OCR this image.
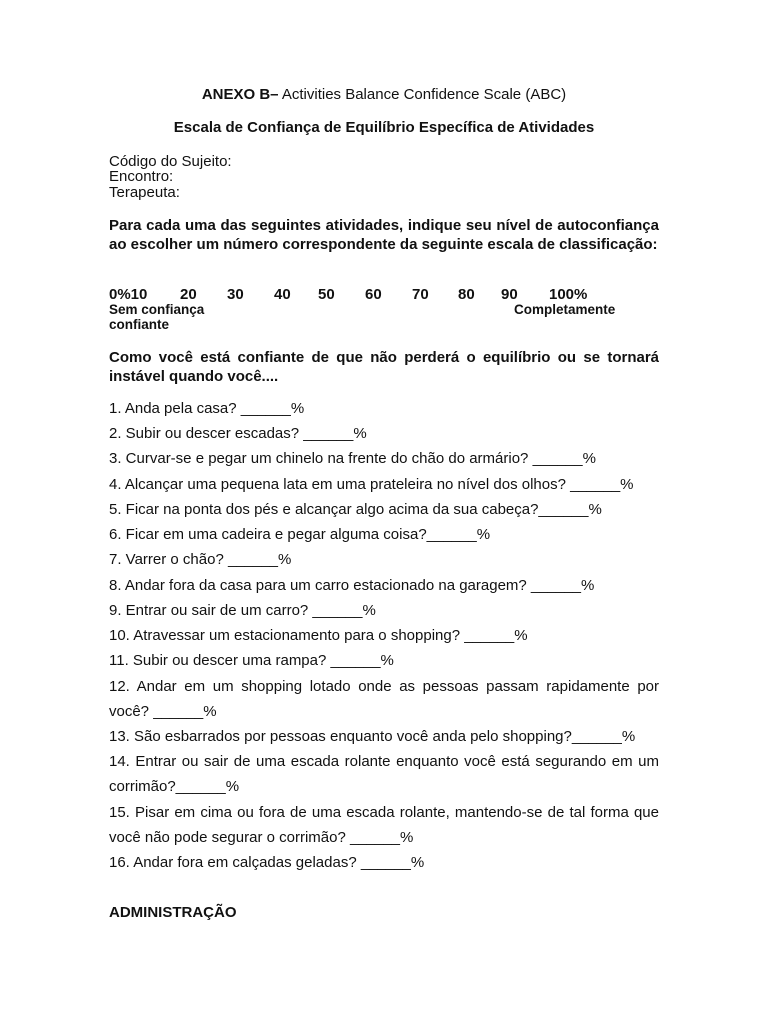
ANEXO B– Activities Balance Confidence Scale (ABC)
Escala de Confiança de Equilíbrio Específica de Atividades
Código do Sujeito:
Encontro:
Terapeuta:
Para cada uma das seguintes atividades, indique seu nível de autoconfiança ao escolher um número correspondente da seguinte escala de classificação:
0%10 20 30 40 50 60 70 80 90 100%
Sem confiança	Completamente
confiante
Como você está confiante de que não perderá o equilíbrio ou se tornará instável quando você....
1. Anda pela casa? ______%
2. Subir ou descer escadas? ______%
3. Curvar-se e pegar um chinelo na frente do chão do armário? ______%
4. Alcançar uma pequena lata em uma prateleira no nível dos olhos? ______%
5. Ficar na ponta dos pés e alcançar algo acima da sua cabeça?______%
6. Ficar em uma cadeira e pegar alguma coisa?______%
7. Varrer o chão? ______%
8. Andar fora da casa para um carro estacionado na garagem? ______%
9. Entrar ou sair de um carro? ______%
10. Atravessar um estacionamento para o shopping? ______%
11. Subir ou descer uma rampa? ______%
12. Andar em um shopping lotado onde as pessoas passam rapidamente por você? ______%
13. São esbarrados por pessoas enquanto você anda pelo shopping?______%
14. Entrar ou sair de uma escada rolante enquanto você está segurando em um corrimão?______%
15. Pisar em cima ou fora de uma escada rolante, mantendo-se de tal forma que você não pode segurar o corrimão? ______%
16. Andar fora em calçadas geladas? ______%
ADMINISTRAÇÃO
